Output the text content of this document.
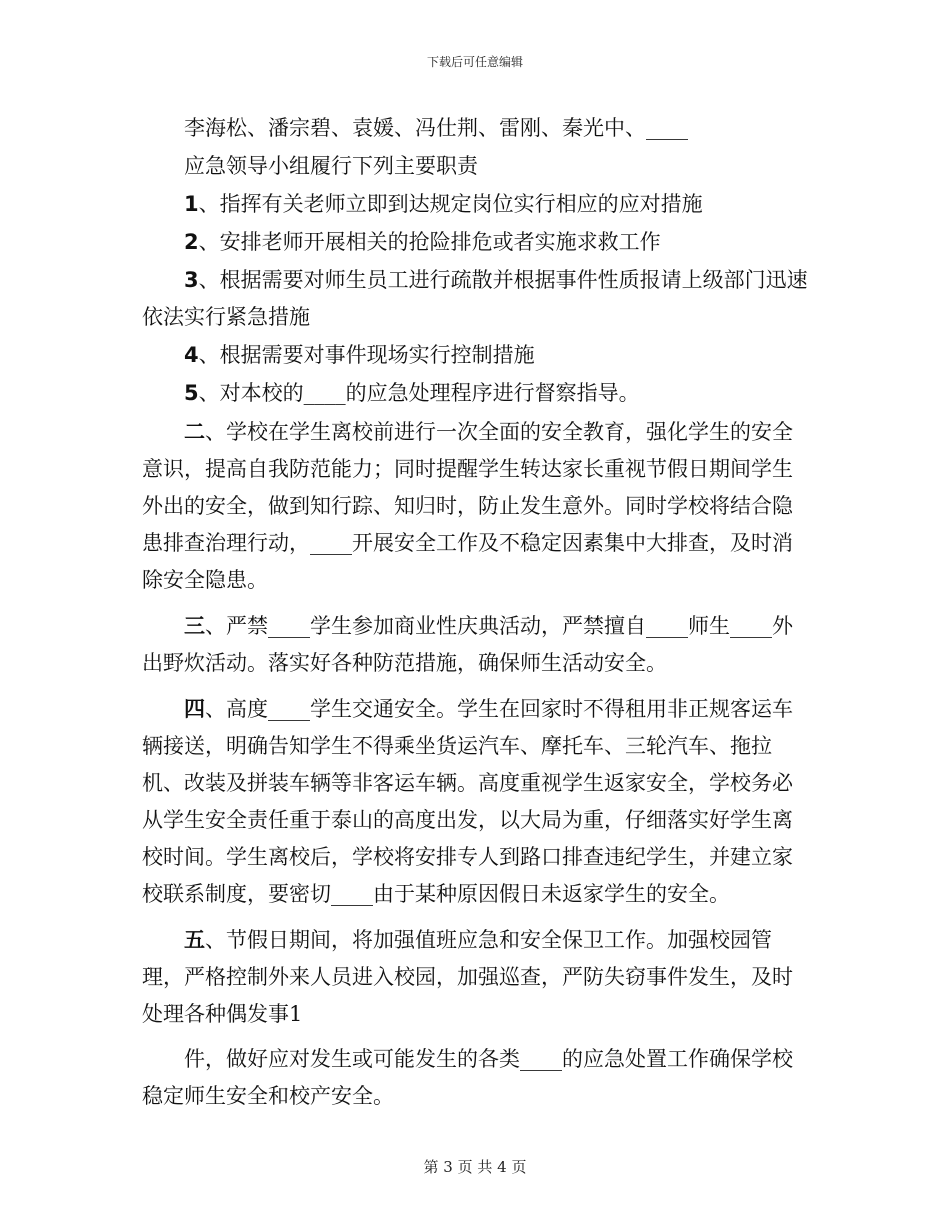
下载后可任意编辑

李海松、潘宗碧、袁媛、冯仕荆、雷刚、秦光中、____

应急领导小组履行下列主要职责

1、指挥有关老师立即到达规定岗位实行相应的应对措施

2、安排老师开展相关的抢险排危或者实施求救工作

3、根据需要对师生员工进行疏散并根据事件性质报请上级部门迅速依法实行紧急措施

4、根据需要对事件现场实行控制措施

5、对本校的____的应急处理程序进行督察指导。

二、学校在学生离校前进行一次全面的安全教育，强化学生的安全意识，提高自我防范能力；同时提醒学生转达家长重视节假日期间学生外出的安全，做到知行踪、知归时，防止发生意外。同时学校将结合隐患排查治理行动，____开展安全工作及不稳定因素集中大排查，及时消除安全隐患。

三、严禁____学生参加商业性庆典活动，严禁擅自____师生____外出野炊活动。落实好各种防范措施，确保师生活动安全。

四、高度____学生交通安全。学生在回家时不得租用非正规客运车辆接送，明确告知学生不得乘坐货运汽车、摩托车、三轮汽车、拖拉机、改装及拼装车辆等非客运车辆。高度重视学生返家安全，学校务必从学生安全责任重于泰山的高度出发，以大局为重，仔细落实好学生离校时间。学生离校后，学校将安排专人到路口排查违纪学生，并建立家校联系制度，要密切____由于某种原因假日未返家学生的安全。

五、节假日期间，将加强值班应急和安全保卫工作。加强校园管理，严格控制外来人员进入校园，加强巡查，严防失窃事件发生，及时处理各种偶发事1

件，做好应对发生或可能发生的各类____的应急处置工作确保学校稳定师生安全和校产安全。

第 3 页 共 4 页
